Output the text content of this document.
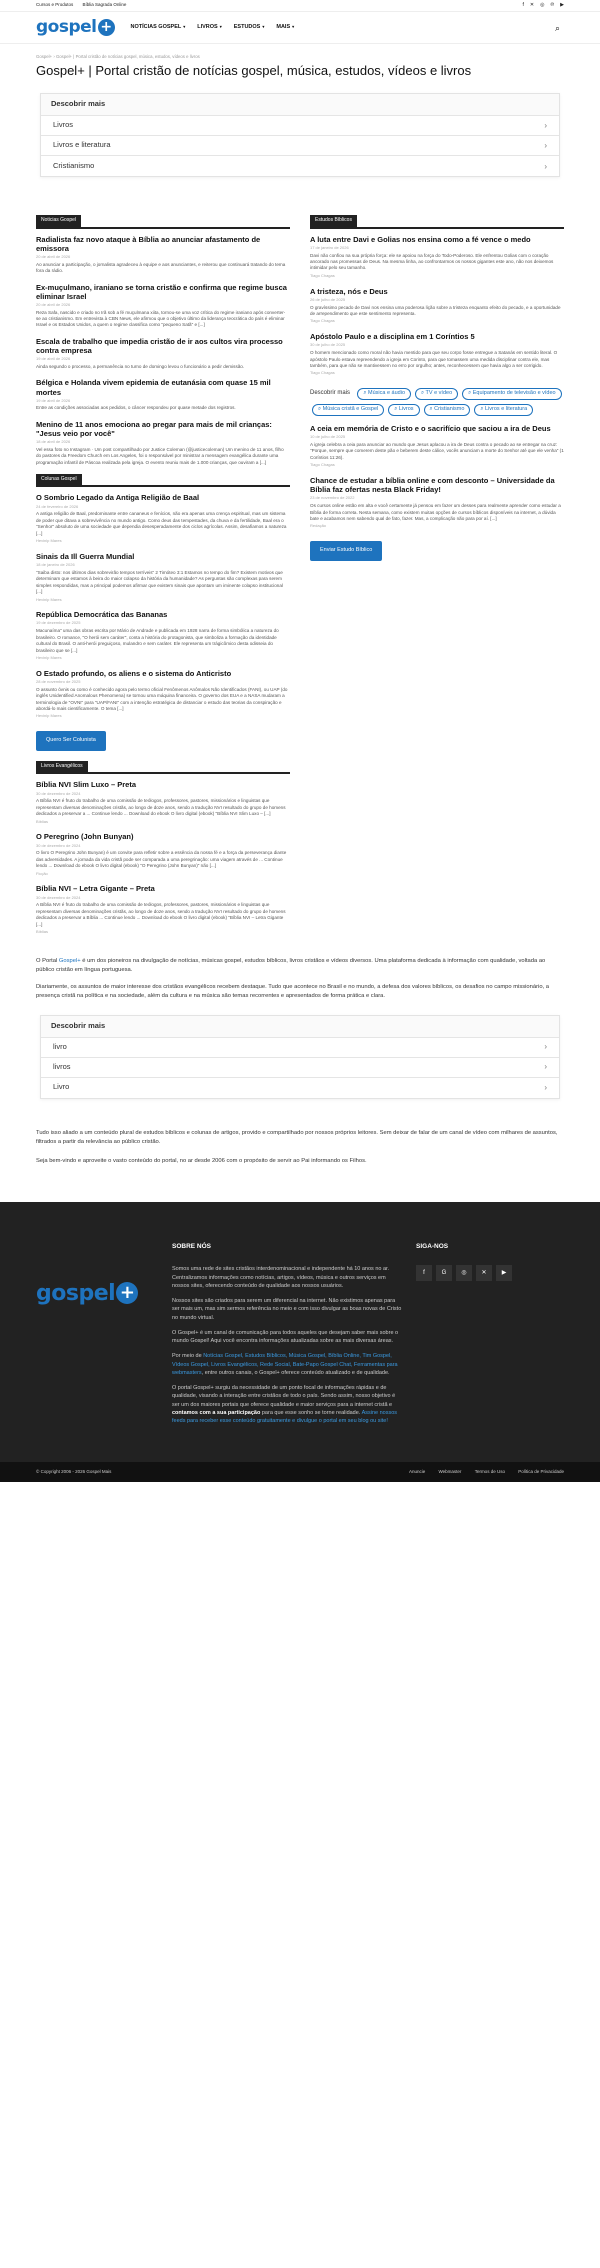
Cursos e Produtos Bíblia Sagrada Online	f ✕ ◎ ℗ ▶
gospel +	NOTÍCIAS GOSPEL ▾ LIVROS ▾ ESTUDOS ▾ MAIS ▾	⌕
Gospel+ › Gospel+ | Portal cristão de notícias gospel, música, estudos, vídeos e livros
Gospel+ | Portal cristão de notícias gospel, música, estudos, vídeos e livros
Descobrir mais
Livros	›
Livros e literatura	›
Cristianismo	›
Noticias Gospel
Radialista faz novo ataque à Bíblia ao anunciar afastamento de emissora
20 de abril de 2026

Ao anunciar a participação, o jornalista agradeceu à equipe e aos anunciantes, e reiterou que continuará tratando do tema fora da rádio.

Ex-muçulmano, iraniano se torna cristão e confirma que regime busca eliminar Israel
20 de abril de 2026

Reza Safa, nascido e criado no Irã sob a fé muçulmana xiita, tornou-se uma voz crítica do regime iraniano após converter-se ao cristianismo. Em entrevista à CBN News, ele afirmou que o objetivo último da liderança teocrática do país é eliminar Israel e os Estados Unidos, a quem o regime classifica como "pequeno Satã" e [...]

Escala de trabalho que impedia cristão de ir aos cultos vira processo contra empresa
19 de abril de 2026

Ainda segundo o processo, a permanência no turno de domingo levou o funcionário a pedir demissão.

Bélgica e Holanda vivem epidemia de eutanásia com quase 15 mil mortes
19 de abril de 2026

Entre as condições associadas aos pedidos, o câncer respondeu por quase metade dos registros.

Menino de 11 anos emociona ao pregar para mais de mil crianças: "Jesus veio por você"
18 de abril de 2026

Vel essa foto no Instagram · Um post compartilhado por Justice Coleman (@justicecoleman) Um menino de 11 anos, filho do pastores da Freedom Church em Los Angeles, foi o responsável por ministrar a mensagem evangélica durante uma programação infantil de Páscoa realizada pela igreja. O evento reuniu mais de 1.000 crianças, que ouviram a [...]

Colunas Gospel
O Sombrio Legado da Antiga Religião de Baal
24 de fevereiro de 2026

A antiga religião de Baal, predominante entre cananeus e fenícios, não era apenas uma crença espiritual, mas um sistema de poder que ditava a sobrevivência no mundo antigo. Como deus das tempestades, da chuva e da fertilidade, Baal era o "Senhor" absoluto de uma sociedade que dependia desesperadamente dos ciclos agrícolas. Assim, desafiamos a natureza [...]

Hevinlp Mares
Sinais da Ill Guerra Mundial
18 de janeiro de 2026

"Saiba disto: nos últimos dias sobrevirão tempos terríveis" 2 Timóteo 3:1 Estamos no tempo do fim? Existem motivos que determinam que estamos à beira do maior colapso da história da humanidade? As perguntas são complexas para serem simples respondidas, mas a principal podemos afirmar que existem sinais que apontam um iminente colapso institucional [...]

Hevinlp Mares
República Democrática das Bananas
19 de dezembro de 2025

Macunaíma" uma das obras escrita por Mário de Andrade e publicada em 1928 narra de forma simbólica a natureza do brasileiro. O romance, "O herói sem caráter", conta a história do protagonista, que simboliza a formação da identidade cultural do Brasil. O anti-herói preguiçoso, mulandro e sem caráter. Ele representa um trágicômico desta odisseia do brasileiro que se [...]

Hevinlp Mares
O Estado profundo, os aliens e o sistema do Anticristo
28 de novembro de 2025

O assunto óvnis ou como é conhecido agora pelo termo oficial Fenômenos Anômalos Não Identificados (FANI), ou UAP (do inglês Unidentified Anomalous Phenomena) se tornou uma máquina financeira. O governo dos EUA e a NASA mudaram a terminologia de "OVNI" para "UAP/FANI" com a intenção estratégica de distanciar o estudo das teorias da conspiração e abordá-lo mais cientificamente. O tema [...]

Hevinlp Mares
Quero Ser Colunista
Livros Evangélicos
Bíblia NVI Slim Luxo – Preta
30 de dezembro de 2024

A Bíblia NVI é fruto do trabalho de uma comissão de teólogos, professores, pastores, missionários e linguistas que representam diversas denominações cristãs, ao longo de doze anos, sendo a tradução NVI resultado do grupo de homens dedicados a preservar a ... Continue lendo ... Download do ebook O livro digital (ebook) "Bíblia NVI Slim Luxo – [...]

Bíblias
O Peregrino (John Bunyan)
30 de dezembro de 2024

O livro O Peregrino John Bunyan) é um convite para refletir sobre a essência da nossa fé e a força da perseverança diante das adversidades. A jornada da vida cristã pode ser comparada a uma peregrinação: uma viagem através de ... Continue lendo ... Download do ebook O livro digital (ebook) "O Peregrino (John Bunyan)" não [...]

Ficção
Bíblia NVI – Letra Gigante – Preta
30 de dezembro de 2024

A Bíblia NVI é fruto do trabalho de uma comissão de teólogos, professores, pastores, missionários e linguistas que representam diversas denominações cristãs, ao longo de doze anos, sendo a tradução NVI resultado do grupo de homens dedicados a preservar a Bíblia ... Continue lendo ... Download do ebook O livro digital (ebook) "Bíblia NVI – Letra Gigante [...]

Bíblias
Estudos Bíblicos
A luta entre Davi e Golias nos ensina como a fé vence o medo
17 de janeiro de 2026

Davi não confiou na sua própria força: ele se apoiou na força do Todo-Poderoso. Ele enfrentou Golias com o coração ancorado nas promessas de Deus. Na mesma linha, ao confrontarmos os nossos gigantes este ano, não nos deixemos intimidar pelo seu tamanho.

Tiago Chagas
A tristeza, nós e Deus
26 de julho de 2025

O gravíssimo pecado de Davi nos ensina uma poderosa lição sobre a tristeza enquanto efeito do pecado, e a oportunidade de arrependimento que este sentimento representa.

Tiago Chagas
Apóstolo Paulo e a disciplina em 1 Coríntios 5
30 de julho de 2025

O homem mencionado como moral não havia mentido para que seu corpo fosse entregue a Satanás em sentido literal. O apóstolo Paulo estava repreendendo a igreja em Corinto, para que tomassem uma medida disciplinar contra ele, mas também, para que não se mantivessem no erro por orgulho; antes, reconhecessem que havia algo a ser corrigido.

Tiago Chagas
Descobrir mais ⌕ Música e áudio	⌕ TV e vídeo	⌕ Equipamento de televisão e vídeo⌕ Música cristã e Gospel	⌕ Livros	⌕ Cristianismo	⌕ Livros e literatura
A ceia em memória de Cristo e o sacrifício que saciou a ira de Deus
10 de julho de 2025

A igreja celebra a ceia para anunciar ao mundo que Jesus aplacou a ira de Deus contra o pecado ao se entregar na cruz: "Porque, sempre que comerem deste pão e beberem deste cálice, vocês anunciam a morte do Senhor até que ele venha" (1 Coríntios 11:26).

Tiago Chagas
Chance de estudar a bíblia online e com desconto – Universidade da Bíblia faz ofertas nesta Black Friday!
23 de novembro de 2022

Os cursos online estão em alta e você certamente já pensou em fazer um desses para realmente aprender como estudar a Bíblia de forma correta. Nesta semana, como existem muitas opções de cursos bíblicos disponíveis na internet, a dúvida bate e acabamos nem sabendo qual de fato, fazer. Mas, a complicação não para por aí. [...]

Redação
Enviar Estudo Bíblico

O Portal Gospel+ é um dos pioneiros na divulgação de notícias, músicas gospel, estudos bíblicos, livros cristãos e vídeos diversos. Uma plataforma dedicada à informação com qualidade, voltada ao público cristão em língua portuguesa.

Diariamente, os assuntos de maior interesse dos cristãos evangélicos recebem destaque. Tudo que acontece no Brasil e no mundo, a defesa dos valores bíblicos, os desafios no campo missionário, a presença cristã na política e na sociedade, além da cultura e na música são temas recorrentes e apresentados de forma prática e clara.

Descobrir mais
livro	›
livros	›
Livro	›

Tudo isso aliado a um conteúdo plural de estudos bíblicos e colunas de artigos, provido e compartilhado por nossos próprios leitores. Sem deixar de falar de um canal de vídeo com milhares de assuntos, filtrados a partir da relevância ao público cristão.

Seja bem-vindo e aproveite o vasto conteúdo do portal, no ar desde 2006 com o propósito de servir ao Pai informando os Filhos.

gospel +
SOBRE NÓS

Somos uma rede de sites cristãos interdenominacional e independente há 10 anos no ar. Centralizamos informações como notícias, artigos, vídeos, música e outros serviços em nossos sites, oferecendo conteúdo de qualidade aos nossos usuários.

Nossos sites são criados para serem um diferencial na internet. Não existimos apenas para ser mais um, mas sim sermos referência no meio e com isso divulgar as boas novas de Cristo no mundo virtual.

O Gospel+ é um canal de comunicação para todos aqueles que desejam saber mais sobre o mundo Gospel! Aqui você encontra informações atualizadas sobre as mais diversas áreas.

Por meio de Notícias Gospel, Estudos Bíblicos, Música Gospel, Bíblia Online, Tim Gospel, Vídeos Gospel, Livros Evangélicos, Rede Social, Bate-Papo Gospel Chat, Ferramentas para webmasters, entre outros canais, o Gospel+ oferece conteúdo atualizado e de qualidade.

O portal Gospel+ surgiu da necessidade de um ponto focal de informações rápidas e de qualidade, visando a interação entre cristãos de todo o país. Sendo assim, nosso objetivo é ser um dos maiores portais que oferece qualidade e maior serviços para a internet cristã e contamos com a sua participação para que esse sonho se torne realidade. Assine nossos feeds para receber esse conteúdo gratuitamente e divulgue o portal em seu blog ou site!

SIGA-NOS
f	G	◎	✕	▶
© Copyright 2006 - 2026 Gospel Mais	Anuncie	Webmaster	Termos de Uso	Política de Privacidade
